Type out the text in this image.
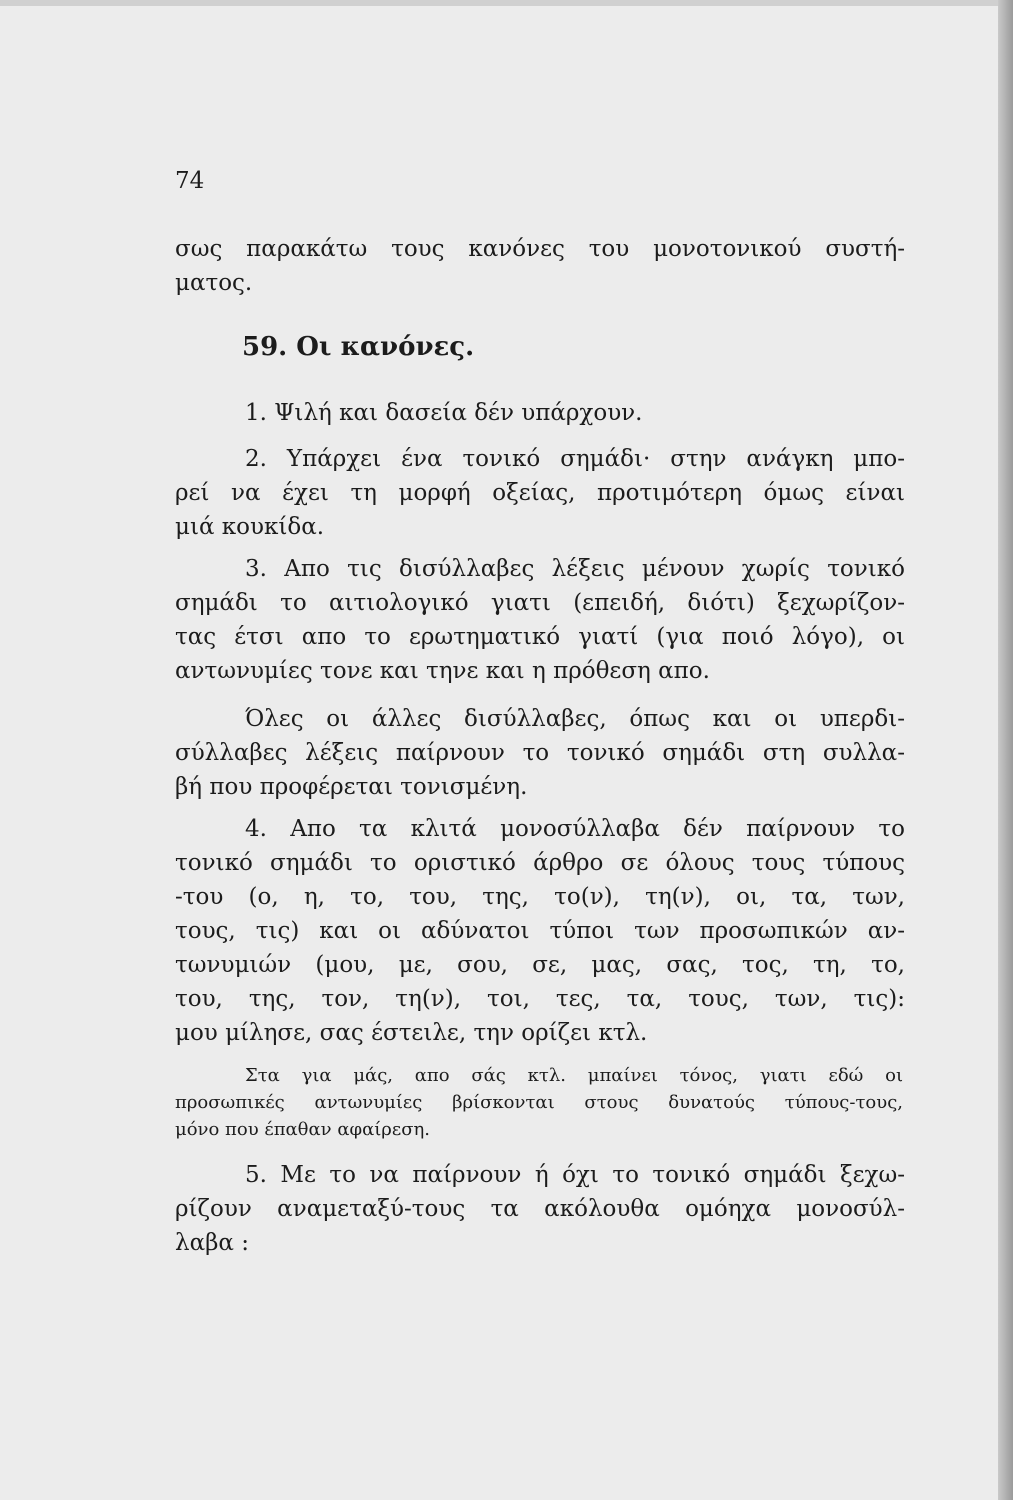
74
σως παρακάτω τους κανόνες του μονοτονικού συστή-
ματος.
59. Οι κανόνες.
1. Ψιλή και δασεία δέν υπάρχουν.
2. Υπάρχει ένα τονικό σημάδι· στην ανάγκη μπο-
ρεί να έχει τη μορφή οξείας, προτιμότερη όμως είναι
μιά κουκίδα.
3. Απο τις δισύλλαβες λέξεις μένουν χωρίς τονικό
σημάδι το αιτιολογικό γιατι (επειδή, διότι) ξεχωρίζον-
τας έτσι απο το ερωτηματικό γιατί (για ποιό λόγο), οι
αντωνυμίες τονε και τηνε και η πρόθεση απο.
Όλες οι άλλες δισύλλαβες, όπως και οι υπερδι-
σύλλαβες λέξεις παίρνουν το τονικό σημάδι στη συλλα-
βή που προφέρεται τονισμένη.
4. Απο τα κλιτά μονοσύλλαβα δέν παίρνουν το
τονικό σημάδι το οριστικό άρθρο σε όλους τους τύπους
-του (ο, η, το, του, της, το(ν), τη(ν), οι, τα, των,
τους, τις) και οι αδύνατοι τύποι των προσωπικών αν-
τωνυμιών (μου, με, σου, σε, μας, σας, τος, τη, το,
του, της, τον, τη(ν), τοι, τες, τα, τους, των, τις):
μου μίλησε, σας έστειλε, την ορίζει κτλ.
Στα για μάς, απο σάς κτλ. μπαίνει τόνος, γιατι εδώ οι
προσωπικές αντωνυμίες βρίσκονται στους δυνατούς τύπους-τους,
μόνο που έπαθαν αφαίρεση.
5. Με το να παίρνουν ή όχι το τονικό σημάδι ξεχω-
ρίζουν αναμεταξύ-τους τα ακόλουθα ομόηχα μονοσύλ-
λαβα :
